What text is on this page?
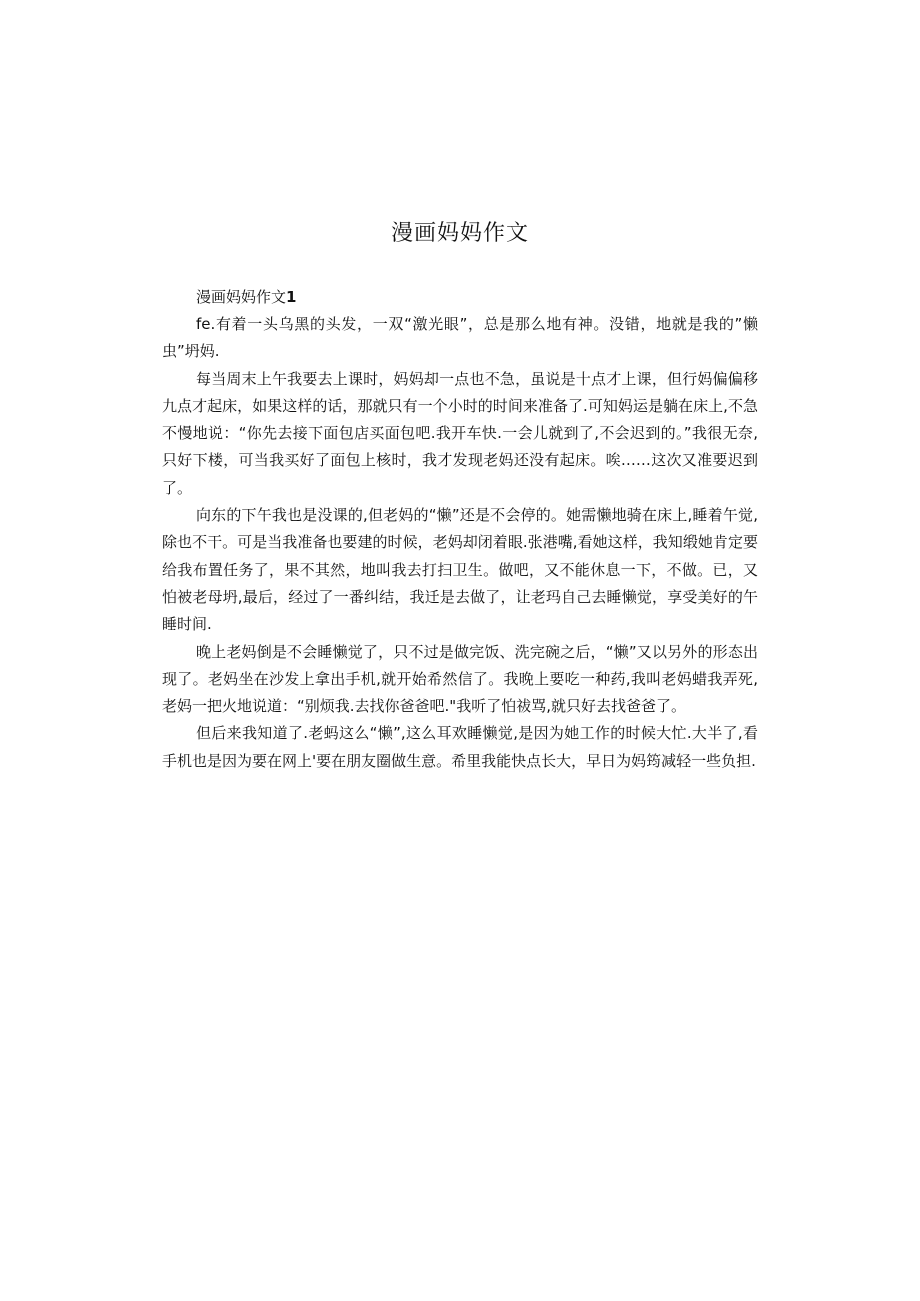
漫画妈妈作文

漫画妈妈作文1

fe.有着一头乌黑的头发，一双“激光眼”，总是那么地有神。没错，地就是我的”懒虫”坍妈.

每当周末上午我要去上课时，妈妈却一点也不急，虽说是十点才上课，但行妈偏偏移九点才起床，如果这样的话，那就只有一个小时的时间来准备了.可知妈运是躺在床上,不急不慢地说：“你先去接下面包店买面包吧.我开车快.一会儿就到了,不会迟到的。”我很无奈,只好下楼，可当我买好了面包上核时，我才发现老妈还没有起床。唉……这次又准要迟到了。

向东的下午我也是没课的,但老妈的“懒”还是不会停的。她需懒地骑在床上,睡着午觉,除也不干。可是当我准备也要建的时候，老妈却闭着眼.张港嘴,看她这样，我知缎她肯定要给我布置任务了，果不其然，地叫我去打扫卫生。做吧，又不能休息一下，不做。已，又怕被老母坍,最后，经过了一番纠结，我迁是去做了，让老玛自己去睡懒觉，享受美好的午睡时间.

晚上老妈倒是不会睡懒觉了，只不过是做完饭、洗完碗之后，“懒”又以另外的形态出现了。老妈坐在沙发上拿出手机,就开始希然信了。我晚上要吃一种药,我叫老妈蜡我弄死,老妈一把火地说道：“别烦我.去找你爸爸吧."我听了怕祓骂,就只好去找爸爸了。

但后来我知道了.老蚂这么“懒”,这么耳欢睡懒觉,是因为她工作的时候大忙.大半了,看手机也是因为要在网上'要在朋友圈做生意。希里我能快点长大，早日为妈筠减轻一些负担.
